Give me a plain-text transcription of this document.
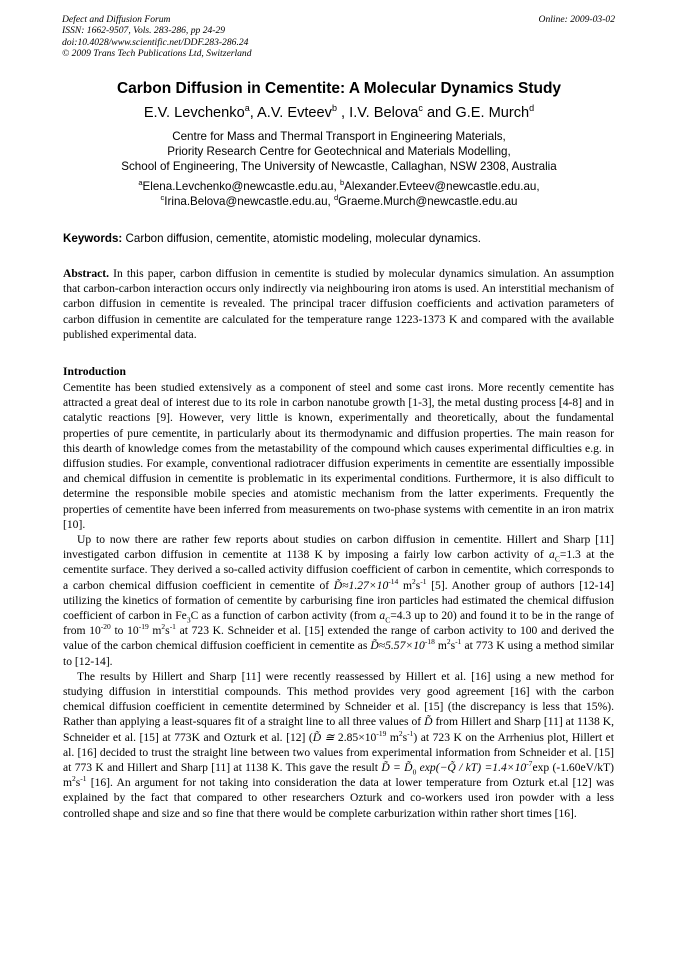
Defect and Diffusion Forum
ISSN: 1662-9507, Vols. 283-286, pp 24-29
doi:10.4028/www.scientific.net/DDF.283-286.24
© 2009 Trans Tech Publications Ltd, Switzerland
Online: 2009-03-02
Carbon Diffusion in Cementite: A Molecular Dynamics Study
E.V. Levchenko$^a$, A.V. Evteev$^b$ , I.V. Belova$^c$ and G.E. Murch$^d$
Centre for Mass and Thermal Transport in Engineering Materials,
Priority Research Centre for Geotechnical and Materials Modelling,
School of Engineering, The University of Newcastle, Callaghan, NSW 2308, Australia
$^a$Elena.Levchenko@newcastle.edu.au, $^b$Alexander.Evteev@newcastle.edu.au,
$^c$Irina.Belova@newcastle.edu.au, $^d$Graeme.Murch@newcastle.edu.au
Keywords: Carbon diffusion, cementite, atomistic modeling, molecular dynamics.

Abstract. In this paper, carbon diffusion in cementite is studied by molecular dynamics simulation. An assumption that carbon-carbon interaction occurs only indirectly via neighbouring iron atoms is used. An interstitial mechanism of carbon diffusion in cementite is revealed. The principal tracer diffusion coefficients and activation parameters of carbon diffusion in cementite are calculated for the temperature range 1223-1373 K and compared with the available published experimental data.

Introduction

Cementite has been studied extensively as a component of steel and some cast irons. More recently cementite has attracted a great deal of interest due to its role in carbon nanotube growth [1-3], the metal dusting process [4-8] and in catalytic reactions [9]. However, very little is known, experimentally and theoretically, about the fundamental properties of pure cementite, in particularly about its thermodynamic and diffusion properties. The main reason for this dearth of knowledge comes from the metastability of the compound which causes experimental difficulties e.g. in diffusion studies. For example, conventional radiotracer diffusion experiments in cementite are essentially impossible and chemical diffusion in cementite is problematic in its experimental conditions. Furthermore, it is also difficult to determine the responsible mobile species and atomistic mechanism from the latter experiments. Frequently the properties of cementite have been inferred from measurements on two-phase systems with cementite in an iron matrix [10].

Up to now there are rather few reports about studies on carbon diffusion in cementite. Hillert and Sharp [11] investigated carbon diffusion in cementite at 1138 K by imposing a fairly low carbon activity of $a_C=1.3$ at the cementite surface. They derived a so-called activity diffusion coefficient of carbon in cementite, which corresponds to a carbon chemical diffusion coefficient in cementite of $D̃\approx 1.27\times 10^{-14}$ $m^2s^{-1}$ [5]. Another group of authors [12-14] utilizing the kinetics of formation of cementite by carburising fine iron particles had estimated the chemical diffusion coefficient of carbon in $Fe_3C$ as a function of carbon activity (from $a_C=4.3$ up to 20) and found it to be in the range of from $10^{-20}$ to $10^{-19}$ $m^2s^{-1}$ at 723 K. Schneider et al. [15] extended the range of carbon activity to 100 and derived the value of the carbon chemical diffusion coefficient in cementite as $D̃\approx 5.57\times 10^{-18}$ $m^2s^{-1}$ at 773 K using a method similar to [12-14].

The results by Hillert and Sharp [11] were recently reassessed by Hillert et al. [16] using a new method for studying diffusion in interstitial compounds. This method provides very good agreement [16] with the carbon chemical diffusion coefficient in cementite determined by Schneider et al. [15] (the discrepancy is less that 15%). Rather than applying a least-squares fit of a straight line to all three values of D̃ from Hillert and Sharp [11] at 1138 K, Schneider et al. [15] at 773K and Ozturk et al. [12] (D̃ ≅ $2.85\times 10^{-19}$ $m^2s^{-1}$) at 723 K on the Arrhenius plot, Hillert et al. [16] decided to trust the straight line between two values from experimental information from Schneider et al. [15] at 773 K and Hillert and Sharp [11] at 1138 K. This gave the result D̃ = $D̃_0$ exp(−Q̃ / $kT) =1.4\times 10^{-7}\exp$ (-1.60eV/kT) $m^2s^{-1}$ [16]. An argument for not taking into consideration the data at lower temperature from Ozturk et.al [12] was explained by the fact that compared to other researchers Ozturk and co-workers used iron powder with a less controlled shape and size and so fine that there would be complete carburization within rather short times [16].
